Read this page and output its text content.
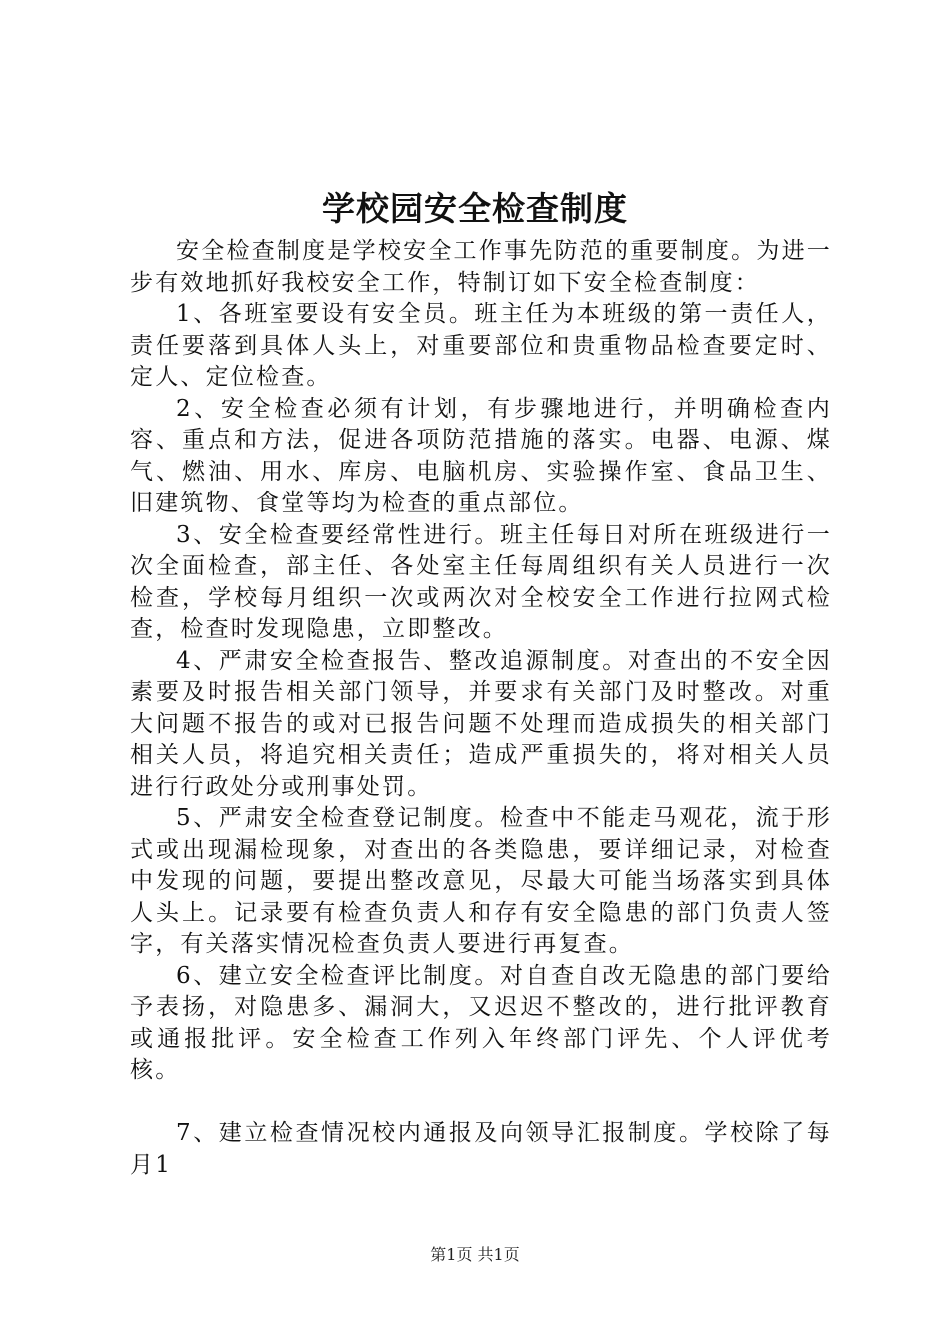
学校园安全检查制度

安全检查制度是学校安全工作事先防范的重要制度。为进一步有效地抓好我校安全工作，特制订如下安全检查制度：

1、各班室要设有安全员。班主任为本班级的第一责任人，责任要落到具体人头上，对重要部位和贵重物品检查要定时、定人、定位检查。

2、安全检查必须有计划，有步骤地进行，并明确检查内容、重点和方法，促进各项防范措施的落实。电器、电源、煤气、燃油、用水、库房、电脑机房、实验操作室、食品卫生、旧建筑物、食堂等均为检查的重点部位。

3、安全检查要经常性进行。班主任每日对所在班级进行一次全面检查，部主任、各处室主任每周组织有关人员进行一次检查，学校每月组织一次或两次对全校安全工作进行拉网式检查，检查时发现隐患，立即整改。

4、严肃安全检查报告、整改追源制度。对查出的不安全因素要及时报告相关部门领导，并要求有关部门及时整改。对重大问题不报告的或对已报告问题不处理而造成损失的相关部门相关人员，将追究相关责任；造成严重损失的，将对相关人员进行行政处分或刑事处罚。

5、严肃安全检查登记制度。检查中不能走马观花，流于形式或出现漏检现象，对查出的各类隐患，要详细记录，对检查中发现的问题，要提出整改意见，尽最大可能当场落实到具体人头上。记录要有检查负责人和存有安全隐患的部门负责人签字，有关落实情况检查负责人要进行再复查。

6、建立安全检查评比制度。对自查自改无隐患的部门要给予表扬，对隐患多、漏洞大，又迟迟不整改的，进行批评教育或通报批评。安全检查工作列入年终部门评先、个人评优考核。

7、建立检查情况校内通报及向领导汇报制度。学校除了每月1

第1页 共1页
